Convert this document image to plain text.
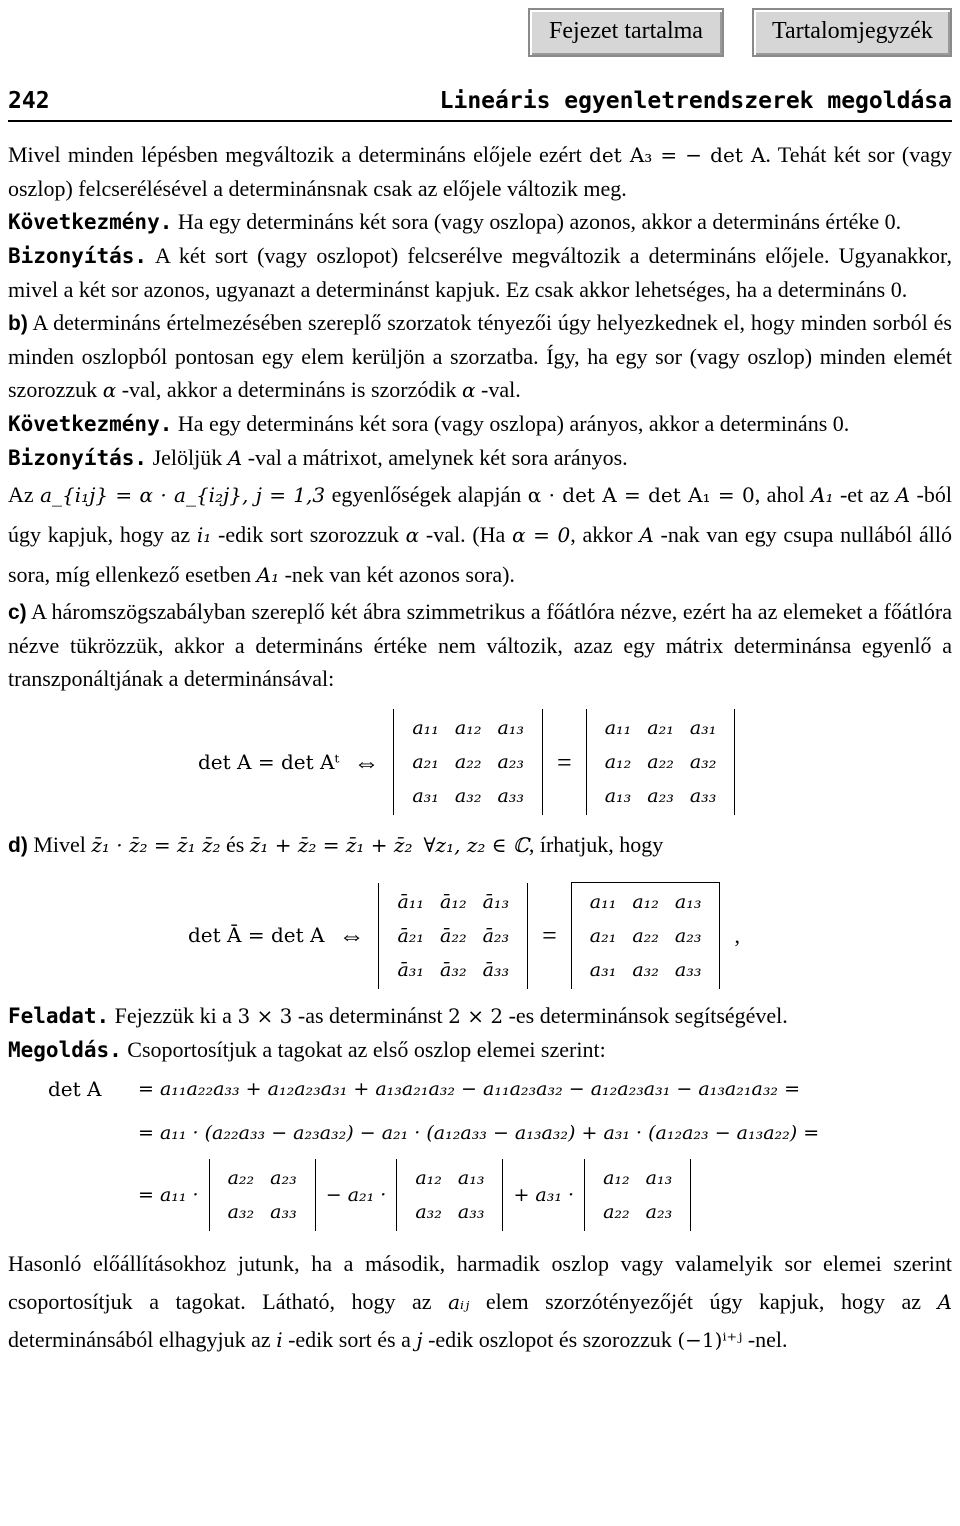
Fejezet tartalma	Tartalomjegyzék
242	Lineáris egyenletrendszerek megoldása

Mivel minden lépésben megváltozik a determináns előjele ezért det A₃ = − det A. Tehát két sor (vagy oszlop) felcserélésével a determinánsnak csak az előjele változik meg.

Következmény. Ha egy determináns két sora (vagy oszlopa) azonos, akkor a determináns értéke 0.

Bizonyítás. A két sort (vagy oszlopot) felcserélve megváltozik a determináns előjele. Ugyanakkor, mivel a két sor azonos, ugyanazt a determinánst kapjuk. Ez csak akkor lehetséges, ha a determináns 0.

b) A determináns értelmezésében szereplő szorzatok tényezői úgy helyezkednek el, hogy minden sorból és minden oszlopból pontosan egy elem kerüljön a szorzatba. Így, ha egy sor (vagy oszlop) minden elemét szorozzuk α -val, akkor a determináns is szorzódik α -val.

Következmény. Ha egy determináns két sora (vagy oszlopa) arányos, akkor a determináns 0.

Bizonyítás. Jelöljük A -val a mátrixot, amelynek két sora arányos.

Az a_{i₁j} = α · a_{i₂j}, j = 1,3 egyenlőségek alapján α · det A = det A₁ = 0, ahol A₁ -et az A -ból úgy kapjuk, hogy az i₁ -edik sort szorozzuk α -val. (Ha α = 0, akkor A -nak van egy csupa nullából álló sora, míg ellenkező esetben A₁ -nek van két azonos sora).

c) A háromszögszabályban szereplő két ábra szimmetrikus a főátlóra nézve, ezért ha az elemeket a főátlóra nézve tükrözzük, akkor a determináns értéke nem változik, azaz egy mátrix determinánsa egyenlő a transzponáltjának a determinánsával:

det A = det Aᵗ ⇔
a₁₁	a₁₂	a₁₃
a₂₁	a₂₂	a₂₃
a₃₁	a₃₂	a₃₃
=
a₁₁	a₂₁	a₃₁
a₁₂	a₂₂	a₃₂
a₁₃	a₂₃	a₃₃

d) Mivel z̄₁ · z̄₂ = z̄₁ z̄₂ és z̄₁ + z̄₂ = z̄₁ + z̄₂ ∀z₁, z₂ ∈ ℂ, írhatjuk, hogy

det Ā = det A ⇔
ā₁₁	ā₁₂	ā₁₃
ā₂₁	ā₂₂	ā₂₃
ā₃₁	ā₃₂	ā₃₃
=
a₁₁	a₁₂	a₁₃
a₂₁	a₂₂	a₂₃
a₃₁	a₃₂	a₃₃
,

Feladat. Fejezzük ki a 3 × 3 -as determinánst 2 × 2 -es determinánsok segítségével.

Megoldás. Csoportosítjuk a tagokat az első oszlop elemei szerint:

det A	= a₁₁a₂₂a₃₃ + a₁₂a₂₃a₃₁ + a₁₃a₂₁a₃₂ − a₁₁a₂₃a₃₂ − a₁₂a₂₃a₃₁ − a₁₃a₂₁a₃₂ =
= a₁₁ · (a₂₂a₃₃ − a₂₃a₃₂) − a₂₁ · (a₁₂a₃₃ − a₁₃a₃₂) + a₃₁ · (a₁₂a₂₃ − a₁₃a₂₂) =
= a₁₁ ·
a₂₂	a₂₃
a₃₂	a₃₃
− a₂₁ ·
a₁₂	a₁₃
a₃₂	a₃₃
+ a₃₁ ·
a₁₂	a₁₃
a₂₂	a₂₃

Hasonló előállításokhoz jutunk, ha a második, harmadik oszlop vagy valamelyik sor elemei szerint csoportosítjuk a tagokat. Látható, hogy az aᵢⱼ elem szorzótényezőjét úgy kapjuk, hogy az A determinánsából elhagyjuk az i -edik sort és a j -edik oszlopot és szorozzuk (−1)ⁱ⁺ʲ -nel.
